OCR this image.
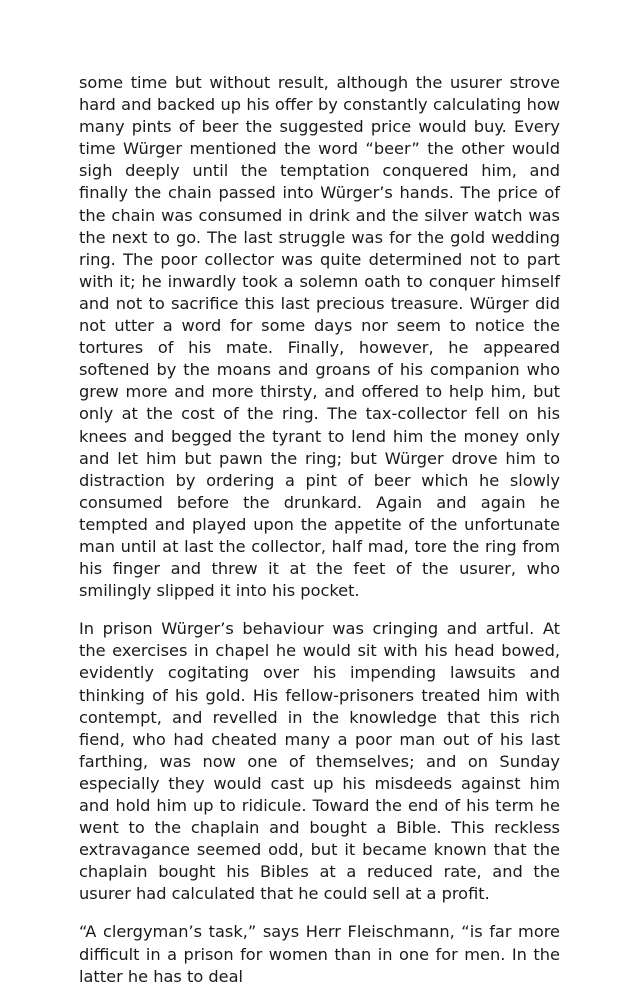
some time but without result, although the usurer strove hard and backed up his offer by constantly calculating how many pints of beer the suggested price would buy. Every time Würger mentioned the word “beer” the other would sigh deeply until the temptation conquered him, and finally the chain passed into Würger’s hands. The price of the chain was consumed in drink and the silver watch was the next to go. The last struggle was for the gold wedding ring. The poor collector was quite determined not to part with it; he inwardly took a solemn oath to conquer himself and not to sacrifice this last precious treasure. Würger did not utter a word for some days nor seem to notice the tortures of his mate. Finally, however, he appeared softened by the moans and groans of his companion who grew more and more thirsty, and offered to help him, but only at the cost of the ring. The tax-collector fell on his knees and begged the tyrant to lend him the money only and let him but pawn the ring; but Würger drove him to distraction by ordering a pint of beer which he slowly consumed before the drunkard. Again and again he tempted and played upon the appetite of the unfortunate man until at last the collector, half mad, tore the ring from his finger and threw it at the feet of the usurer, who smilingly slipped it into his pocket.

In prison Würger’s behaviour was cringing and artful. At the exercises in chapel he would sit with his head bowed, evidently cogitating over his impending lawsuits and thinking of his gold. His fellow-prisoners treated him with contempt, and revelled in the knowledge that this rich fiend, who had cheated many a poor man out of his last farthing, was now one of themselves; and on Sunday especially they would cast up his misdeeds against him and hold him up to ridicule. Toward the end of his term he went to the chaplain and bought a Bible. This reckless extravagance seemed odd, but it became known that the chaplain bought his Bibles at a reduced rate, and the usurer had calculated that he could sell at a profit.

“A clergyman’s task,” says Herr Fleischmann, “is far more difficult in a prison for women than in one for men. In the latter he has to deal
